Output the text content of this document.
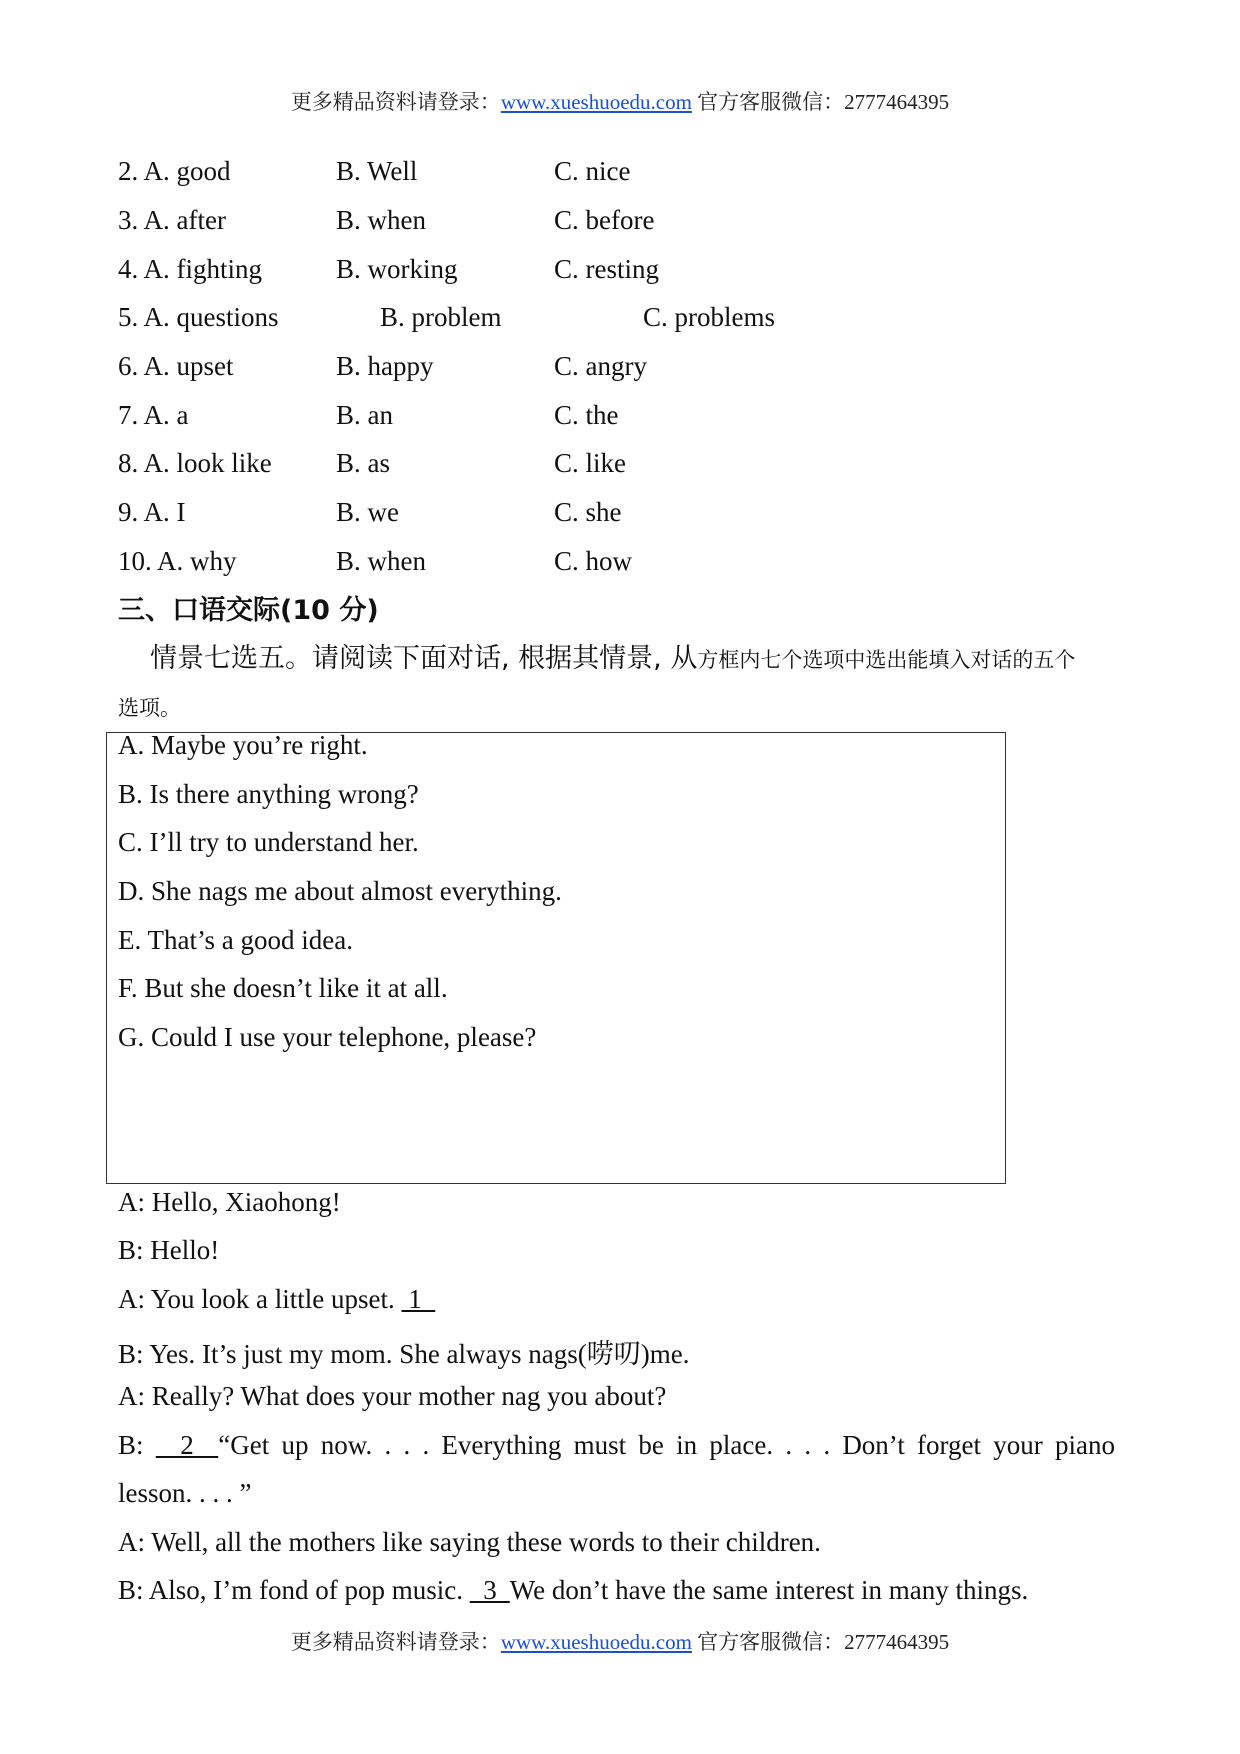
更多精品资料请登录：www.xueshuoedu.com 官方客服微信：2777464395
2. A. good	B. Well	C. nice
3. A. after	B. when	C. before
4. A. fighting	B. working	C. resting
5. A. questions	B. problem	C. problems
6. A. upset	B. happy	C. angry
7. A. a	B. an	C. the
8. A. look like B. as	C. like
9. A. I	B. we	C. she
10. A. why	B. when	C. how
三、口语交际(10 分)
情景七选五。请阅读下面对话, 根据其情景, 从方框内七个选项中选出能填入对话的五个
选项。
A. Maybe you’re right.
B. Is there anything wrong?
C. I’ll try to understand her.
D. She nags me about almost everything.
E. That’s a good idea.
F. But she doesn’t like it at all.
G. Could I use your telephone, please?
A: Hello, Xiaohong!
B: Hello!
A: You look a little upset.  1
B: Yes. It’s just my mom. She always nags(唠叨)me.
A: Really? What does your mother nag you about?
B:   2  “Get up now. . . . Everything must be in place. . . . Don’t forget your piano
lesson. . . . ”
A: Well, all the mothers like saying these words to their children.
B: Also, I’m fond of pop music.   3  We don’t have the same interest in many things.
更多精品资料请登录：www.xueshuoedu.com 官方客服微信：2777464395
